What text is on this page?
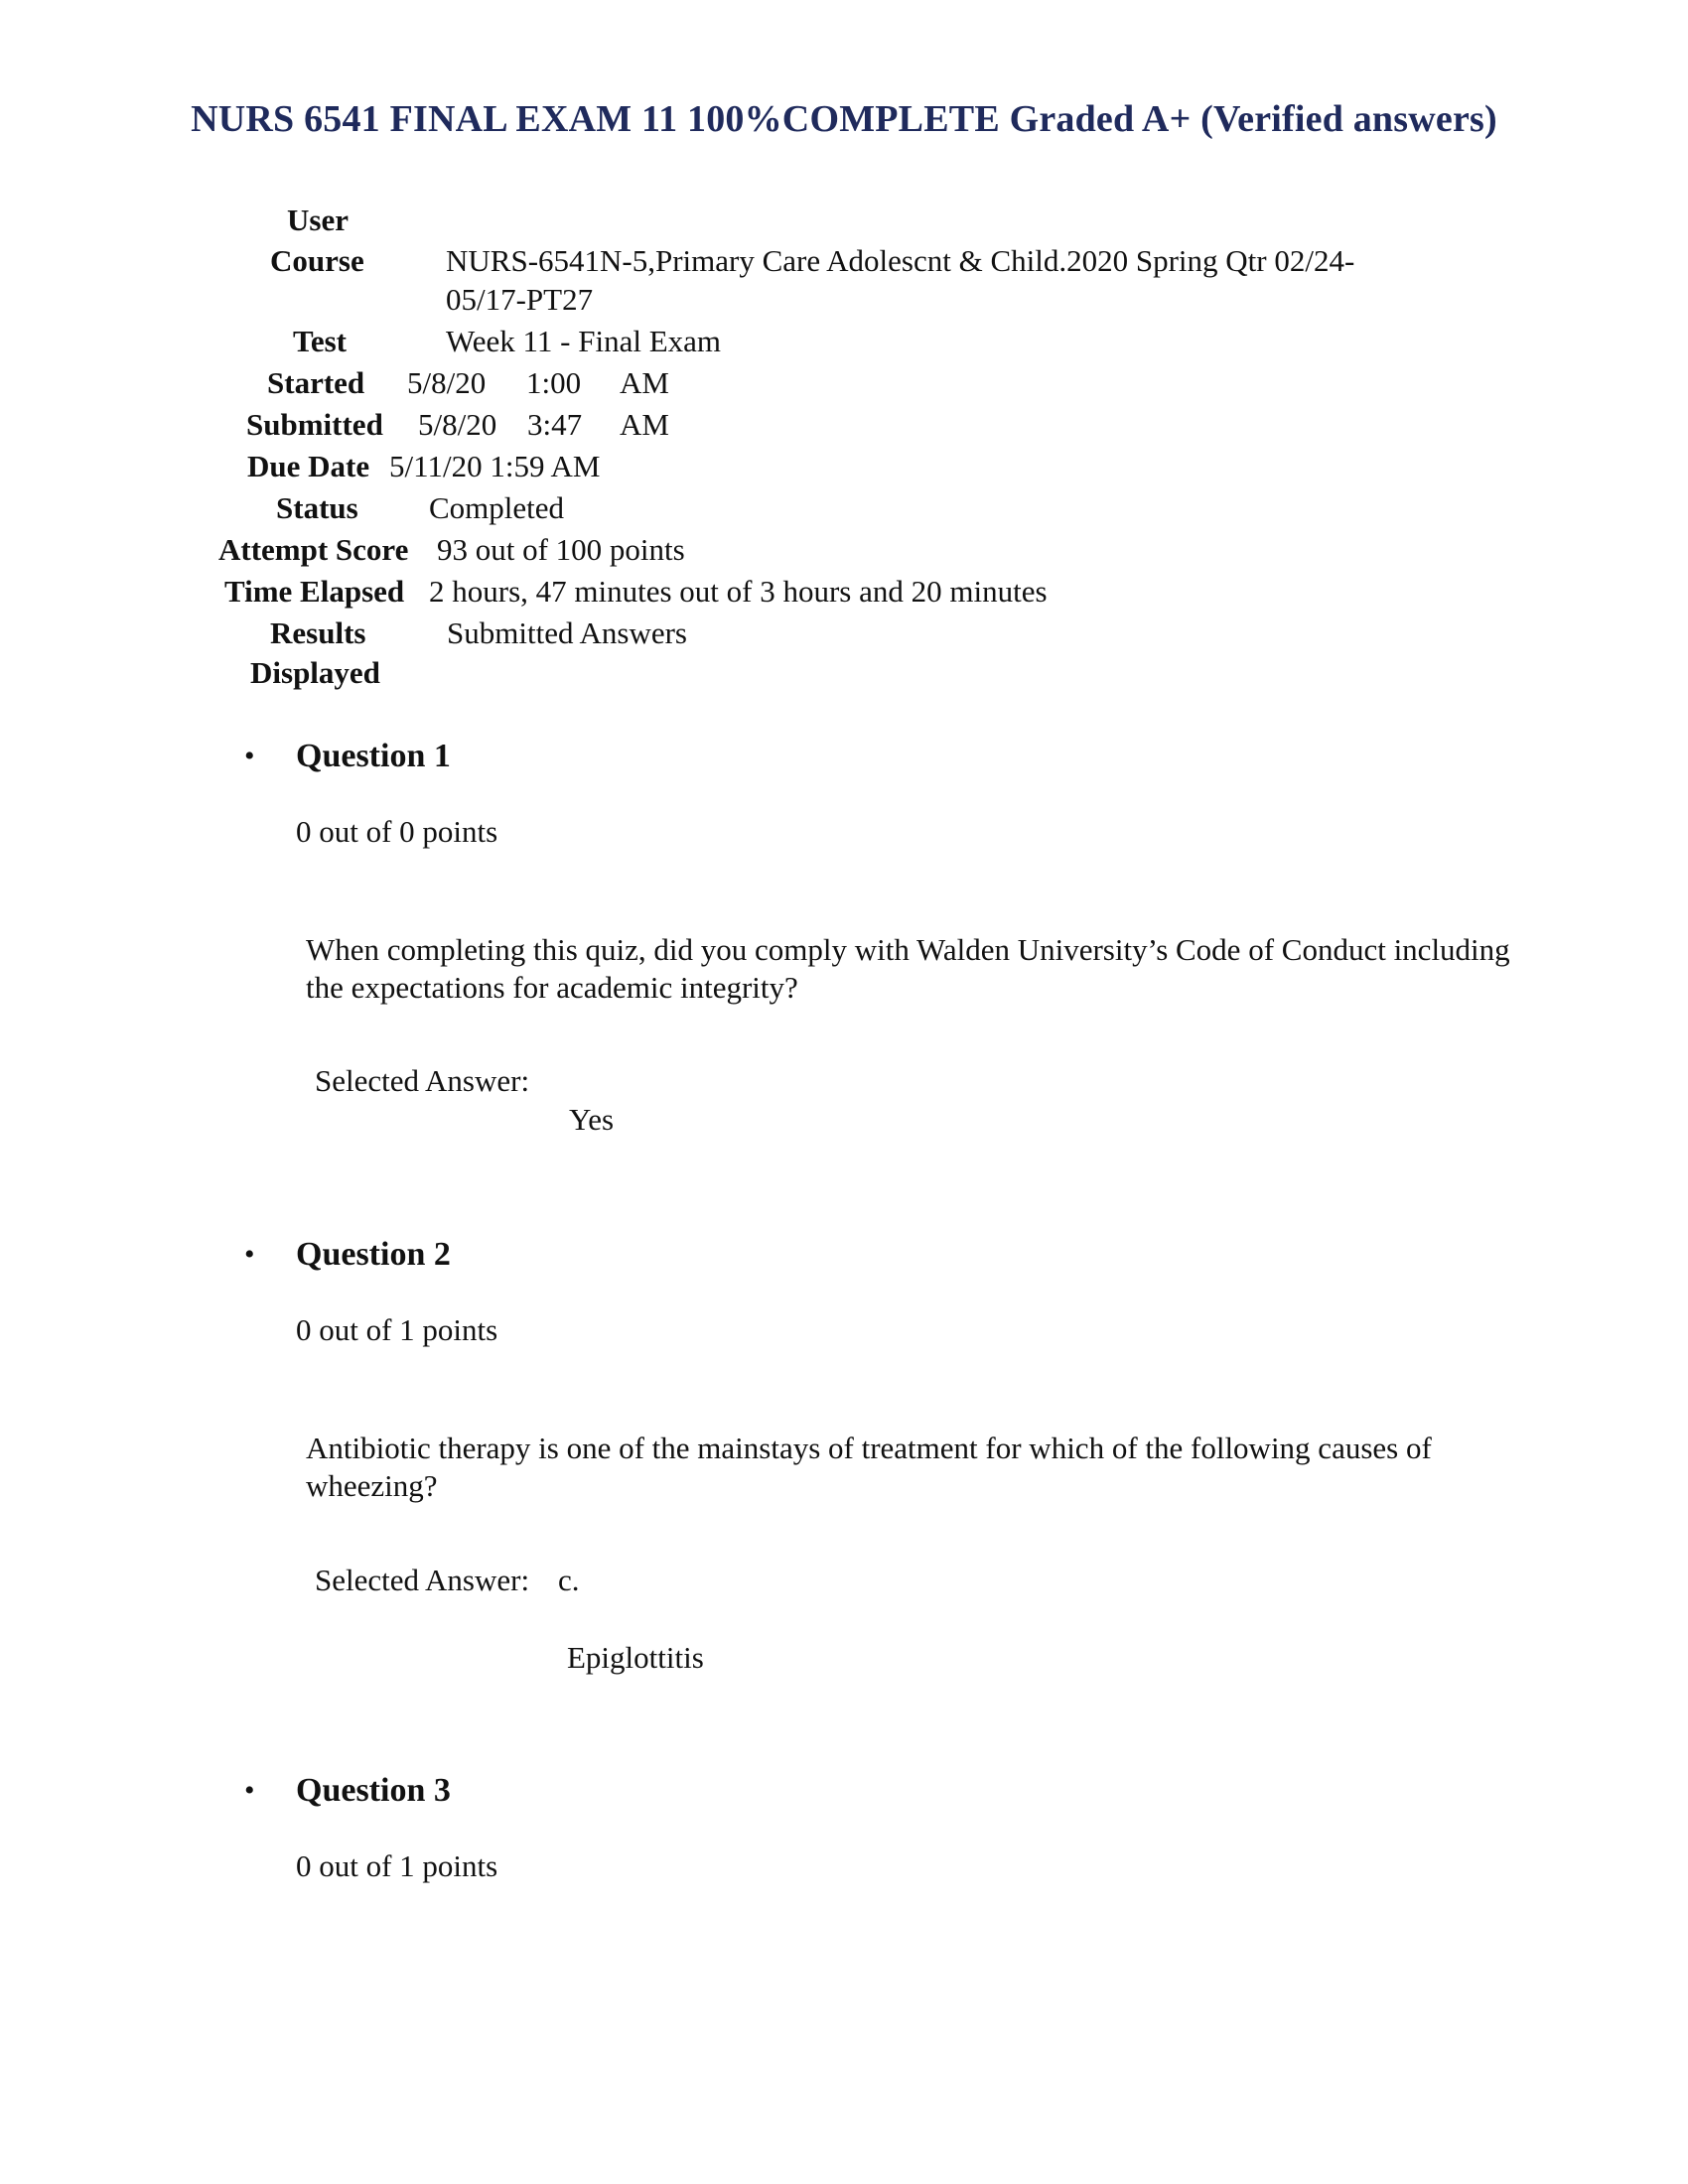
NURS 6541 FINAL EXAM 11 100%COMPLETE Graded A+ (Verified answers)
User
Course	NURS-6541N-5,Primary Care Adolescnt & Child.2020 Spring Qtr 02/24-
05/17-PT27
Test	Week 11 - Final Exam
Started 5/8/20 1:00 AM
Submitted 5/8/20 3:47 AM
Due Date 5/11/20 1:59 AM
Status Completed
Attempt Score 93 out of 100 points
Time Elapsed 2 hours, 47 minutes out of 3 hours and 20 minutes
Results
Displayed
Submitted Answers
• Question 1
0 out of 0 points
When completing this quiz, did you comply with Walden University’s Code of Conduct including the expectations for academic integrity?
Selected Answer:
Yes
• Question 2
0 out of 1 points
Antibiotic therapy is one of the mainstays of treatment for which of the following causes of wheezing?
Selected Answer: c.
Epiglottitis
• Question 3
0 out of 1 points
